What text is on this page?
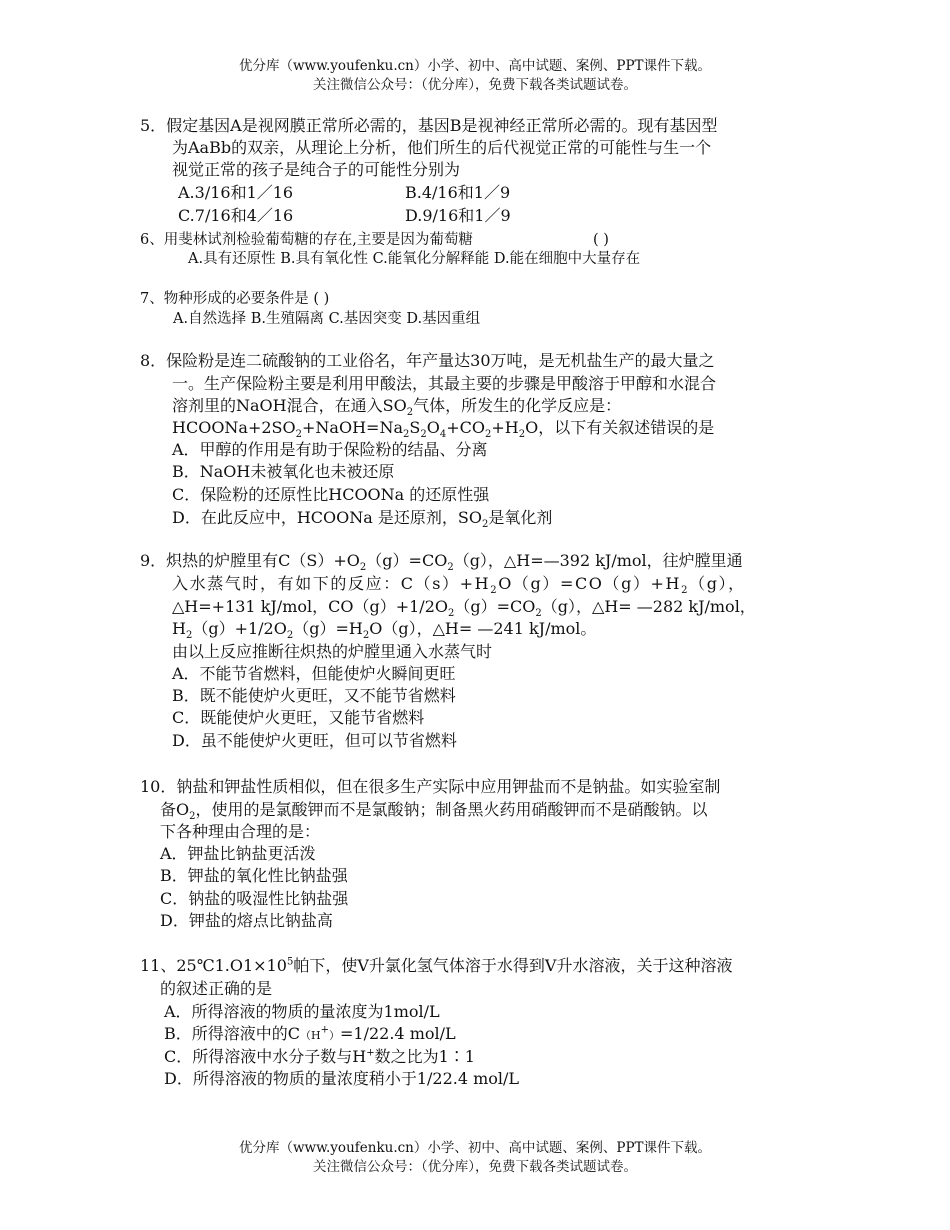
优分库（www.youfenku.cn）小学、初中、高中试题、案例、PPT课件下载。
关注微信公众号：（优分库），免费下载各类试题试卷。
5．假定基因A是视网膜正常所必需的，基因B是视神经正常所必需的。现有基因型
为AaBb的双亲，从理论上分析，他们所生的后代视觉正常的可能性与生一个
视觉正常的孩子是纯合子的可能性分别为
A.3/16和1／16	B.4/16和1／9
C.7/16和4／16	D.9/16和1／9
6、用斐林试剂检验葡萄糖的存在,主要是因为葡萄糖	( )
A.具有还原性 B.具有氧化性 C.能氧化分解释能 D.能在细胞中大量存在
7、物种形成的必要条件是 ( )
A.自然选择 B.生殖隔离 C.基因突变 D.基因重组
8．保险粉是连二硫酸钠的工业俗名，年产量达30万吨，是无机盐生产的最大量之
一。生产保险粉主要是利用甲酸法，其最主要的步骤是甲酸溶于甲醇和水混合
溶剂里的NaOH混合，在通入$SO_2$气体，所发生的化学反应是：
$HCOONa+2SO_2+NaOH=Na_2S_2O_4+CO_2+H_2O$，以下有关叙述错误的是
A．甲醇的作用是有助于保险粉的结晶、分离
B．NaOH未被氧化也未被还原
C．保险粉的还原性比HCOONa 的还原性强
D．在此反应中，HCOONa 是还原剂，$SO_2$是氧化剂
9．炽热的炉膛里有$C(S)+O_2(g)=CO_2(g)$，△H=—392 kJ/mol，往炉膛里通
入水蒸气时，有如下的反应：$C(s)+H_2O(g)=CO(g)+H_2(g)$，
△H=+131 kJ/mol，$CO(g)+1/2O_2(g)=CO_2(g)$，△H= —282 kJ/mol，
$H_2(g)+1/2O_2(g)=H_2O(g)$，△H= —241 kJ/mol。
由以上反应推断往炽热的炉膛里通入水蒸气时
A．不能节省燃料，但能使炉火瞬间更旺
B．既不能使炉火更旺，又不能节省燃料
C．既能使炉火更旺，又能节省燃料
D．虽不能使炉火更旺，但可以节省燃料
10．钠盐和钾盐性质相似，但在很多生产实际中应用钾盐而不是钠盐。如实验室制
备$O_2$，使用的是氯酸钾而不是氯酸钠；制备黑火药用硝酸钾而不是硝酸钠。以
下各种理由合理的是：
A．钾盐比钠盐更活泼
B．钾盐的氧化性比钠盐强
C．钠盐的吸湿性比钠盐强
D．钾盐的熔点比钠盐高
11、$25℃1.O1\times 10^5$帕下，使V升氯化氢气体溶于水得到V升水溶液，关于这种溶液
的叙述正确的是
A．所得溶液的物质的量浓度为1mol/L
B．所得溶液中的C（H+）=1/22.4 mol/L
C．所得溶液中水分子数与H+数之比为1∶1
D．所得溶液的物质的量浓度稍小于1/22.4 mol/L
优分库（www.youfenku.cn）小学、初中、高中试题、案例、PPT课件下载。
关注微信公众号：（优分库），免费下载各类试题试卷。
